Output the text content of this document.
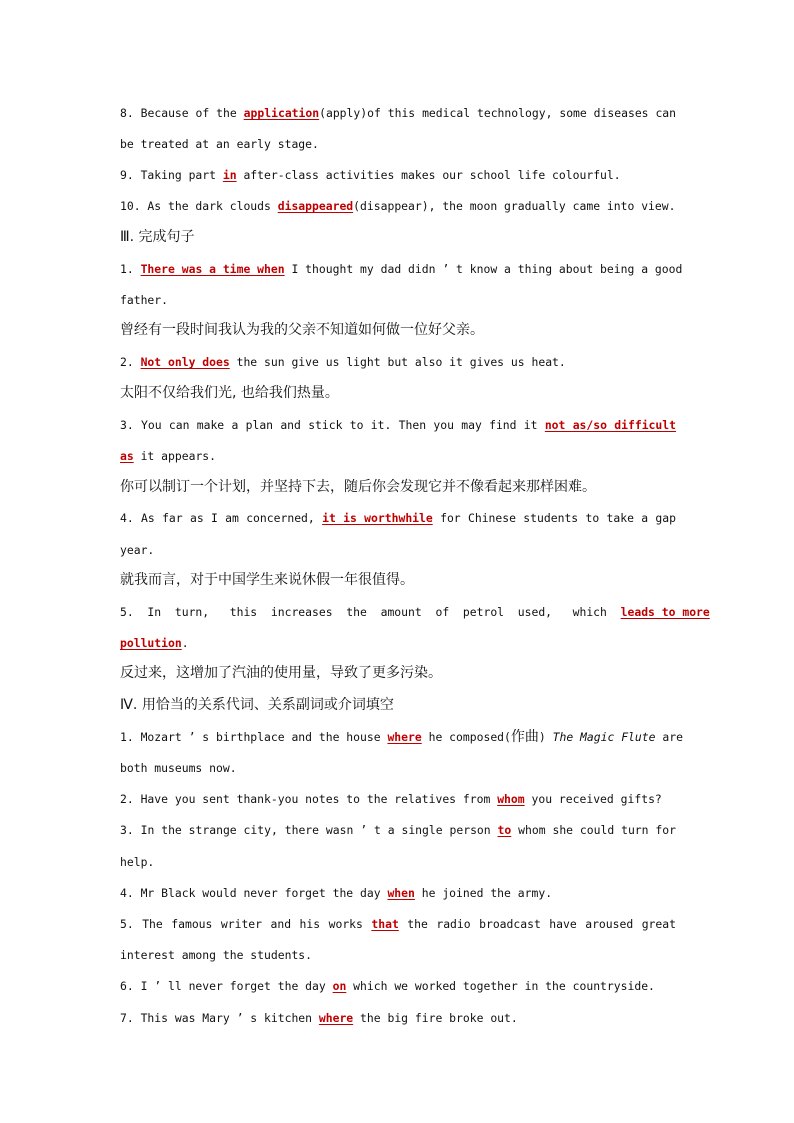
8. Because of the application(apply)of this medical technology, some diseases can
be treated at an early stage.
9. Taking part in after-class activities makes our school life colourful.
10. As the dark clouds disappeared(disappear), the moon gradually came into view.
Ⅲ. 完成句子
1. There was a time when I thought my dad didn ’ t know a thing about being a good
father.
曾经有一段时间我认为我的父亲不知道如何做一位好父亲。
2. Not only does the sun give us light but also it gives us heat.
太阳不仅给我们光, 也给我们热量。
3. You can make a plan and stick to it. Then you may find it not as/so difficult
as it appears.
你可以制订一个计划，并坚持下去，随后你会发现它并不像看起来那样困难。
4. As far as I am concerned, it is worthwhile for Chinese students to take a gap
year.
就我而言，对于中国学生来说休假一年很值得。
5.  In  turn,   this  increases  the  amount  of  petrol  used,   which  leads to more
pollution.
反过来，这增加了汽油的使用量，导致了更多污染。
Ⅳ. 用恰当的关系代词、关系副词或介词填空
1. Mozart ’ s birthplace and the house where he composed(作曲) The Magic Flute are
both museums now.
2. Have you sent thank-you notes to the relatives from whom you received gifts?
3. In the strange city, there wasn ’ t a single person to whom she could turn for
help.
4. Mr Black would never forget the day when he joined the army.
5. The famous writer and his works that the radio broadcast have aroused great
interest among the students.
6. I ’ ll never forget the day on which we worked together in the countryside.
7. This was Mary ’ s kitchen where the big fire broke out.
